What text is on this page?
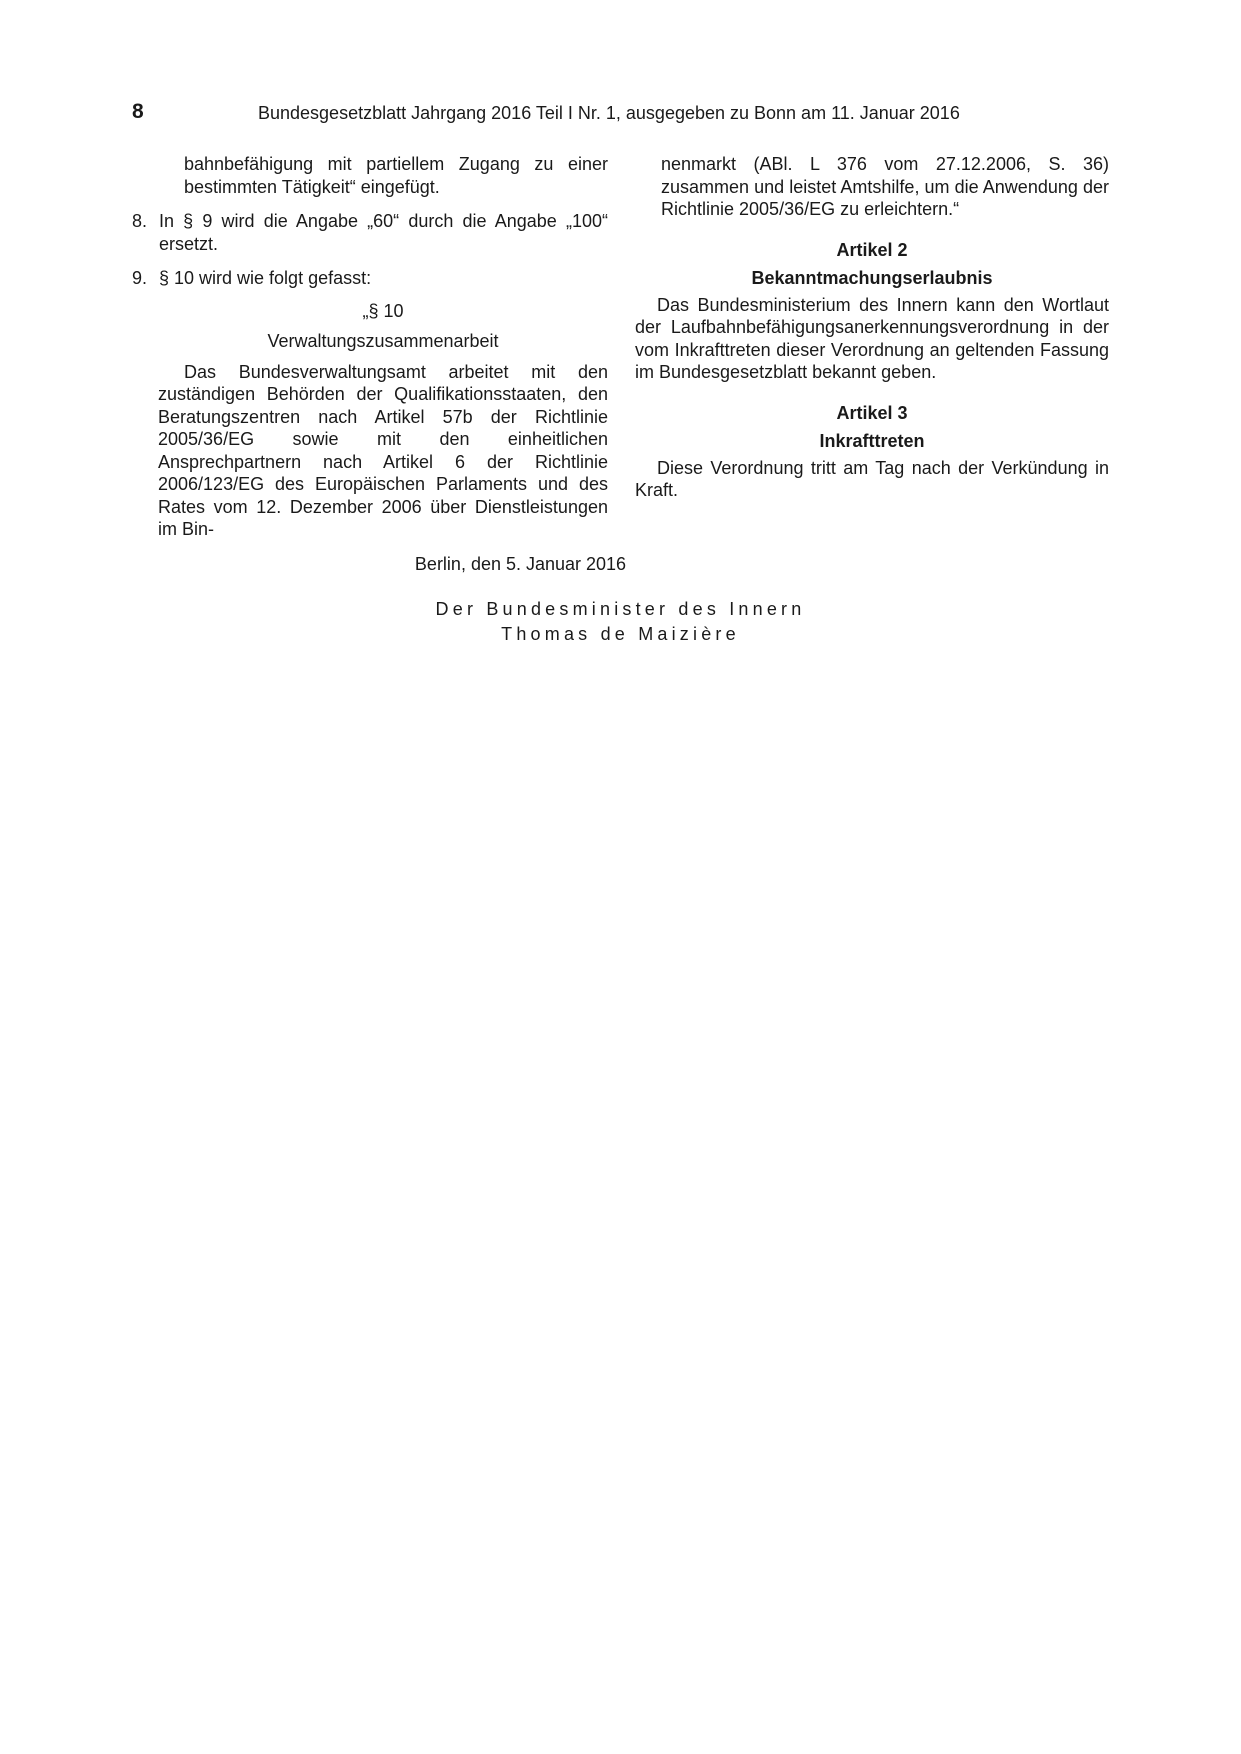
8	Bundesgesetzblatt Jahrgang 2016 Teil I Nr. 1, ausgegeben zu Bonn am 11. Januar 2016
bahnbefähigung mit partiellem Zugang zu einer bestimmten Tätigkeit“ eingefügt.
8. In § 9 wird die Angabe „60“ durch die Angabe „100“ ersetzt.
9. § 10 wird wie folgt gefasst:
„§ 10
Verwaltungszusammenarbeit
Das Bundesverwaltungsamt arbeitet mit den zuständigen Behörden der Qualifikationsstaaten, den Beratungszentren nach Artikel 57b der Richtlinie 2005/36/EG sowie mit den einheitlichen Ansprechpartnern nach Artikel 6 der Richtlinie 2006/123/EG des Europäischen Parlaments und des Rates vom 12. Dezember 2006 über Dienstleistungen im Bin-
nenmarkt (ABl. L 376 vom 27.12.2006, S. 36) zusammen und leistet Amtshilfe, um die Anwendung der Richtlinie 2005/36/EG zu erleichtern.“
Artikel 2
Bekanntmachungserlaubnis
Das Bundesministerium des Innern kann den Wortlaut der Laufbahnbefähigungsanerkennungsverordnung in der vom Inkrafttreten dieser Verordnung an geltenden Fassung im Bundesgesetzblatt bekannt geben.
Artikel 3
Inkrafttreten
Diese Verordnung tritt am Tag nach der Verkündung in Kraft.
Berlin, den 5. Januar 2016
Der Bundesminister des Innern
Thomas de Maizière
